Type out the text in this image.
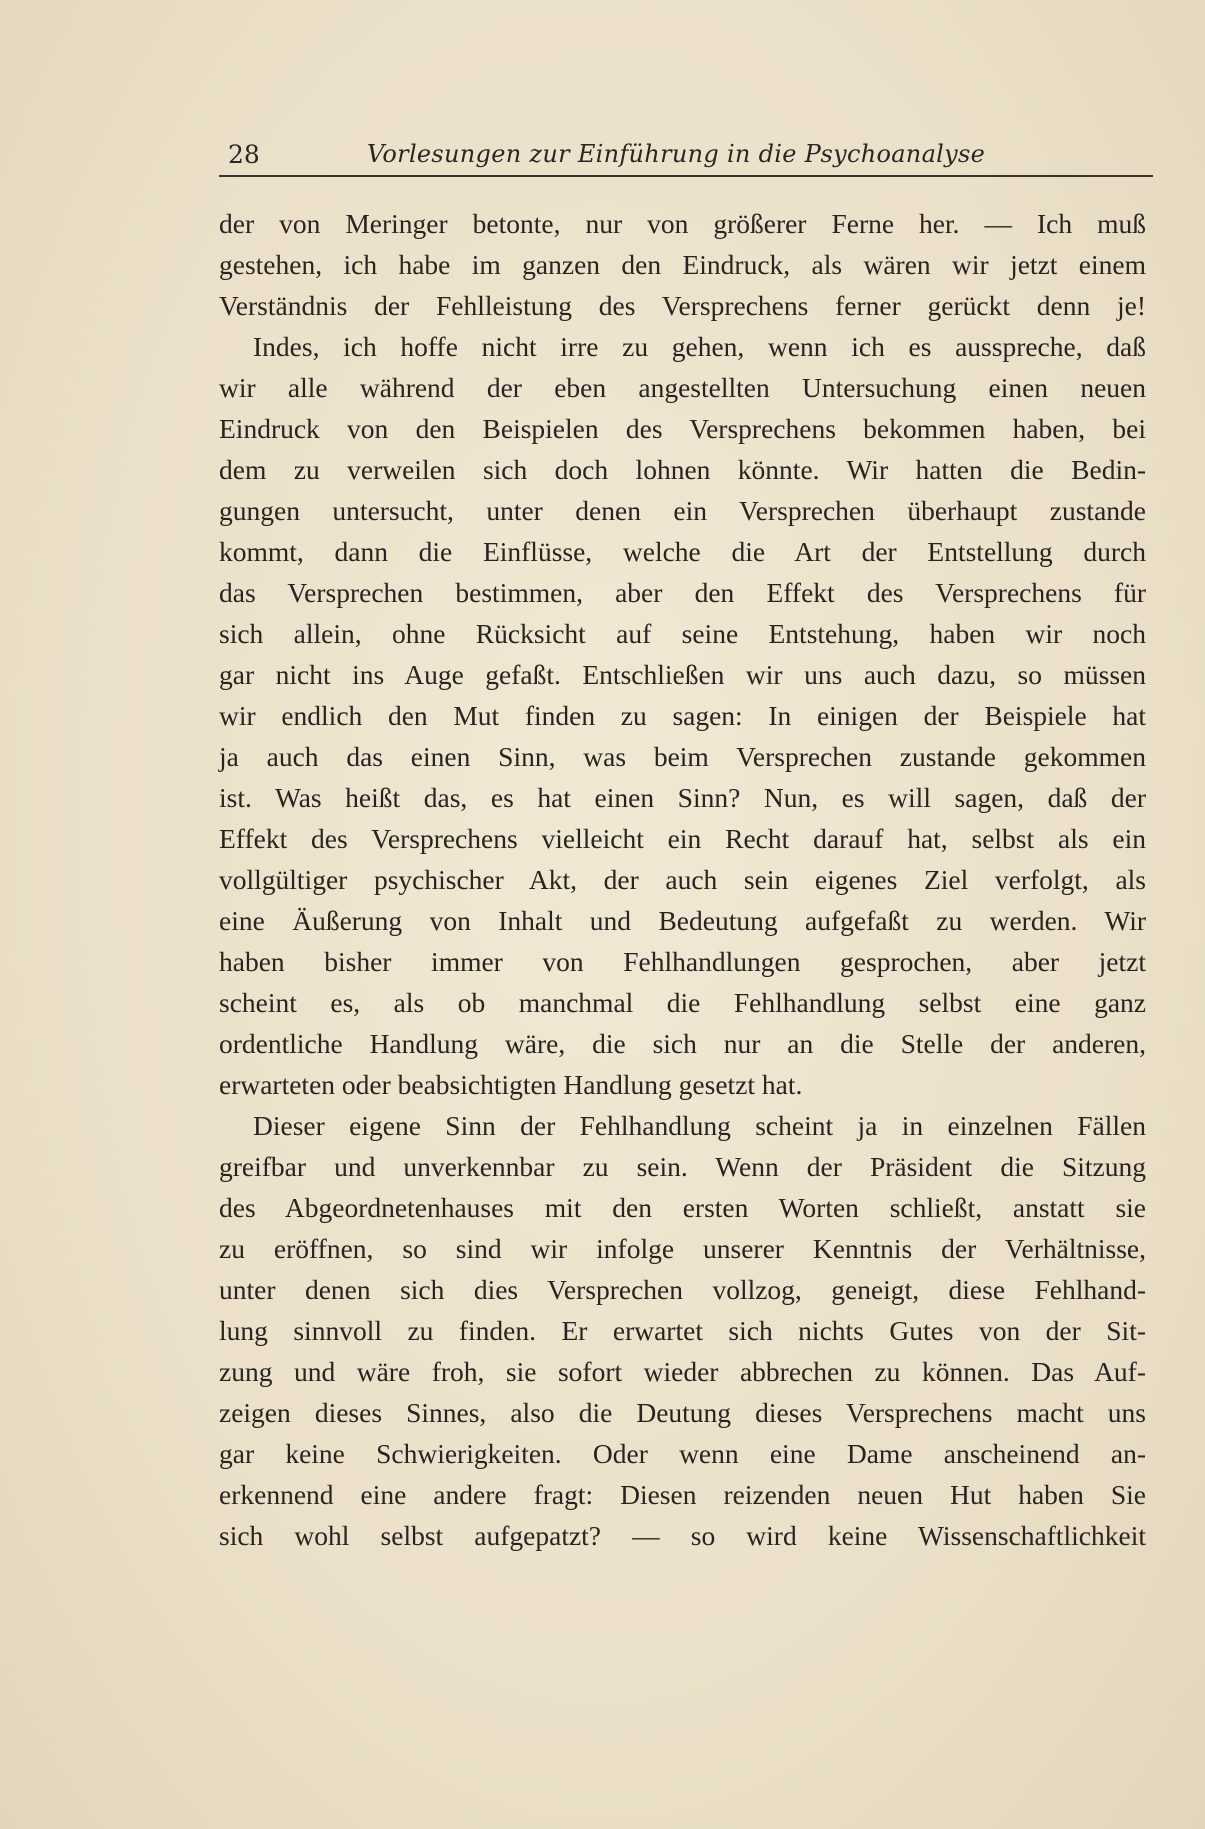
28	Vorlesungen zur Einführung in die Psychoanalyse
der von Meringer betonte, nur von größerer Ferne her. — Ich muß
gestehen, ich habe im ganzen den Eindruck, als wären wir jetzt einem
Verständnis der Fehlleistung des Versprechens ferner gerückt denn je!
Indes, ich hoffe nicht irre zu gehen, wenn ich es ausspreche, daß
wir alle während der eben angestellten Untersuchung einen neuen
Eindruck von den Beispielen des Versprechens bekommen haben, bei
dem zu verweilen sich doch lohnen könnte. Wir hatten die Bedin-
gungen untersucht, unter denen ein Versprechen überhaupt zustande
kommt, dann die Einflüsse, welche die Art der Entstellung durch
das Versprechen bestimmen, aber den Effekt des Versprechens für
sich allein, ohne Rücksicht auf seine Entstehung, haben wir noch
gar nicht ins Auge gefaßt. Entschließen wir uns auch dazu, so müssen
wir endlich den Mut finden zu sagen: In einigen der Beispiele hat
ja auch das einen Sinn, was beim Versprechen zustande gekommen
ist. Was heißt das, es hat einen Sinn? Nun, es will sagen, daß der
Effekt des Versprechens vielleicht ein Recht darauf hat, selbst als ein
vollgültiger psychischer Akt, der auch sein eigenes Ziel verfolgt, als
eine Äußerung von Inhalt und Bedeutung aufgefaßt zu werden. Wir
haben bisher immer von Fehlhandlungen gesprochen, aber jetzt
scheint es, als ob manchmal die Fehlhandlung selbst eine ganz
ordentliche Handlung wäre, die sich nur an die Stelle der anderen,
erwarteten oder beabsichtigten Handlung gesetzt hat.
Dieser eigene Sinn der Fehlhandlung scheint ja in einzelnen Fällen
greifbar und unverkennbar zu sein. Wenn der Präsident die Sitzung
des Abgeordnetenhauses mit den ersten Worten schließt, anstatt sie
zu eröffnen, so sind wir infolge unserer Kenntnis der Verhältnisse,
unter denen sich dies Versprechen vollzog, geneigt, diese Fehlhand-
lung sinnvoll zu finden. Er erwartet sich nichts Gutes von der Sit-
zung und wäre froh, sie sofort wieder abbrechen zu können. Das Auf-
zeigen dieses Sinnes, also die Deutung dieses Versprechens macht uns
gar keine Schwierigkeiten. Oder wenn eine Dame anscheinend an-
erkennend eine andere fragt: Diesen reizenden neuen Hut haben Sie
sich wohl selbst aufgepatzt? — so wird keine Wissenschaftlichkeit
